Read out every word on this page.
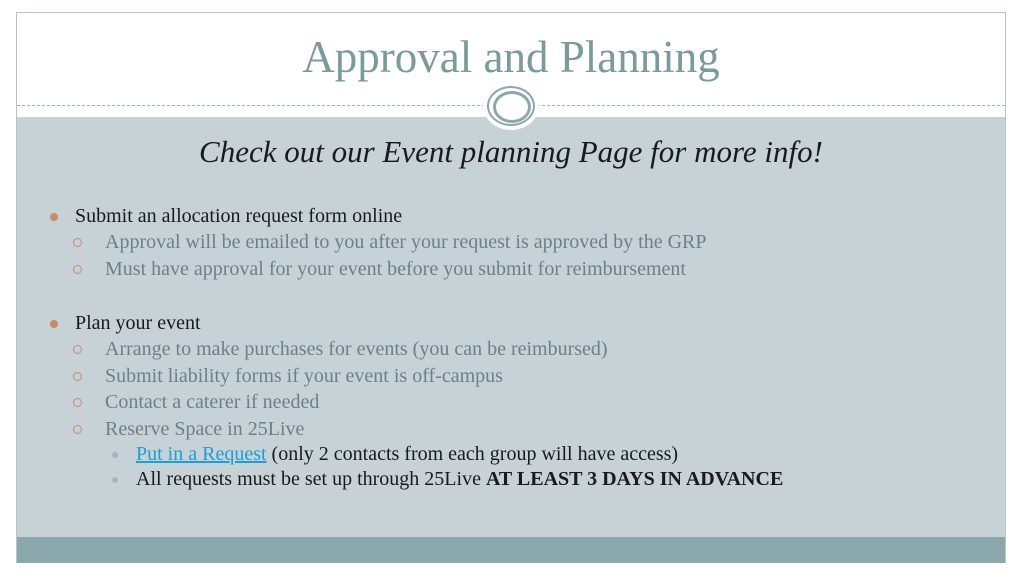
Approval and Planning
Check out our Event planning Page for more info!

Submit an allocation request form online

Approval will be emailed to you after your request is approved by the GRP

Must have approval for your event before you submit for reimbursement

Plan your event

Arrange to make purchases for events (you can be reimbursed)

Submit liability forms if your event is off-campus

Contact a caterer if needed

Reserve Space in 25Live

Put in a Request (only 2 contacts from each group will have access)

All requests must be set up through 25Live AT LEAST 3 DAYS IN ADVANCE
